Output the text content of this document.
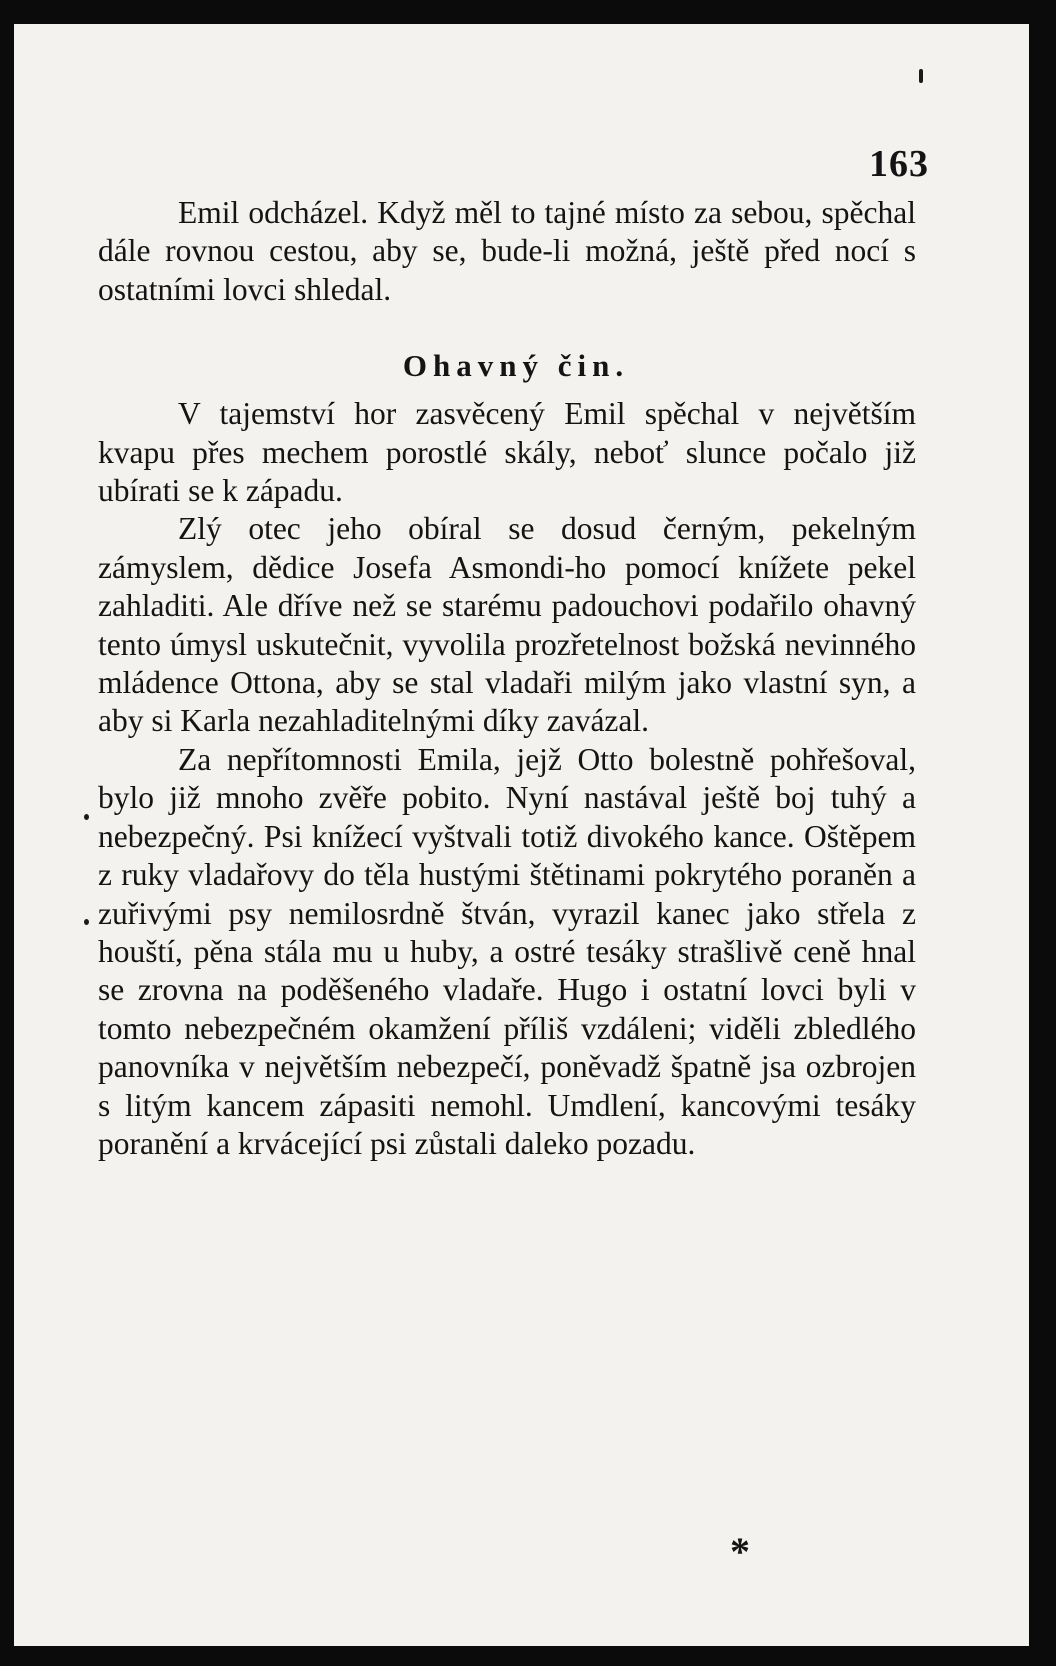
163

Emil odcházel. Když měl to tajné místo za sebou, spěchal dále rovnou cestou, aby se, bude-li možná, ještě před nocí s ostatními lovci shledal.

Ohavný čin.

V tajemství hor zasvěcený Emil spěchal v největším kvapu přes mechem porostlé skály, neboť slunce počalo již ubírati se k západu.

Zlý otec jeho obíral se dosud černým, pekelným zámyslem, dědice Josefa Asmondi-ho pomocí knížete pekel zahladiti. Ale dříve než se starému padouchovi podařilo ohavný tento úmysl uskutečnit, vyvolila prozřetelnost božská nevinného mládence Ottona, aby se stal vladaři milým jako vlastní syn, a aby si Karla nezahladitelnými díky zavázal.

Za nepřítomnosti Emila, jejž Otto bolestně pohřešoval, bylo již mnoho zvěře pobito. Nyní nastával ještě boj tuhý a nebezpečný. Psi knížecí vyštvali totiž divokého kance. Oštěpem z ruky vladařovy do těla hustými štětinami pokrytého poraněn a zuřivými psy nemilosrdně štván, vyrazil kanec jako střela z houští, pěna stála mu u huby, a ostré tesáky strašlivě ceně hnal se zrovna na poděšeného vladaře. Hugo i ostatní lovci byli v tomto nebezpečném okamžení příliš vzdáleni; viděli zbledlého panovníka v největším nebezpečí, poněvadž špatně jsa ozbrojen s litým kancem zápasiti nemohl. Umdlení, kancovými tesáky poranění a krvácející psi zůstali daleko pozadu.

*
